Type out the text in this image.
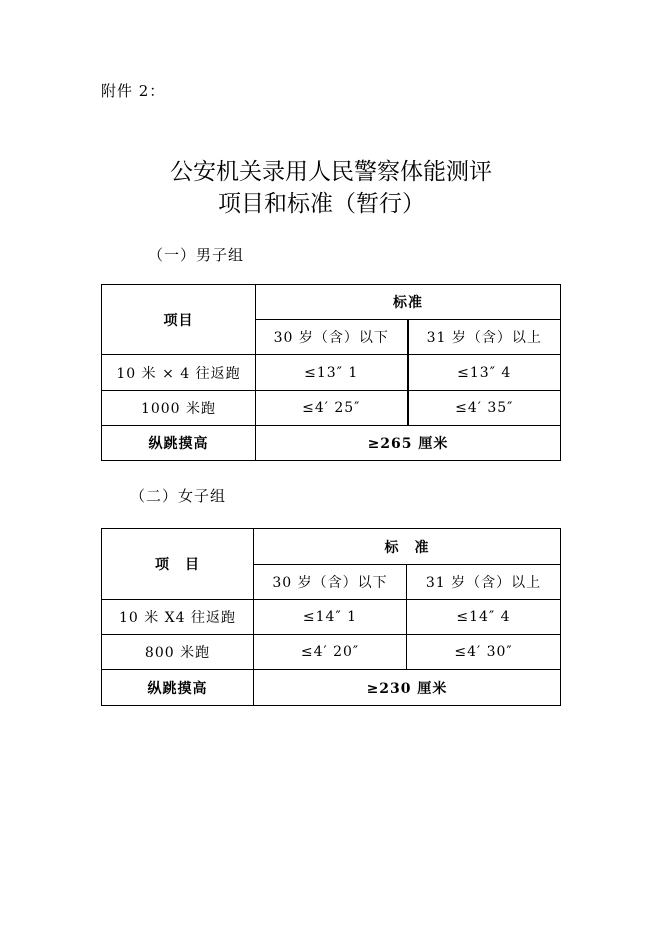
附件 2：
公安机关录用人民警察体能测评
项目和标准（暂行）
（一）男子组
项目	标准	
	30 岁（含）以下	31 岁（含）以上
10 米 × 4 往返跑	≤13″ 1	≤13″ 4
1000 米跑	≤4′ 25″	≤4′ 35″
纵跳摸高	≥265 厘米	
（二）女子组
项　目	标　准	
	30 岁（含）以下	31 岁（含）以上
10 米 X4 往返跑	≤14″ 1	≤14″ 4
800 米跑	≤4′ 20″	≤4′ 30″
纵跳摸高	≥230 厘米	
